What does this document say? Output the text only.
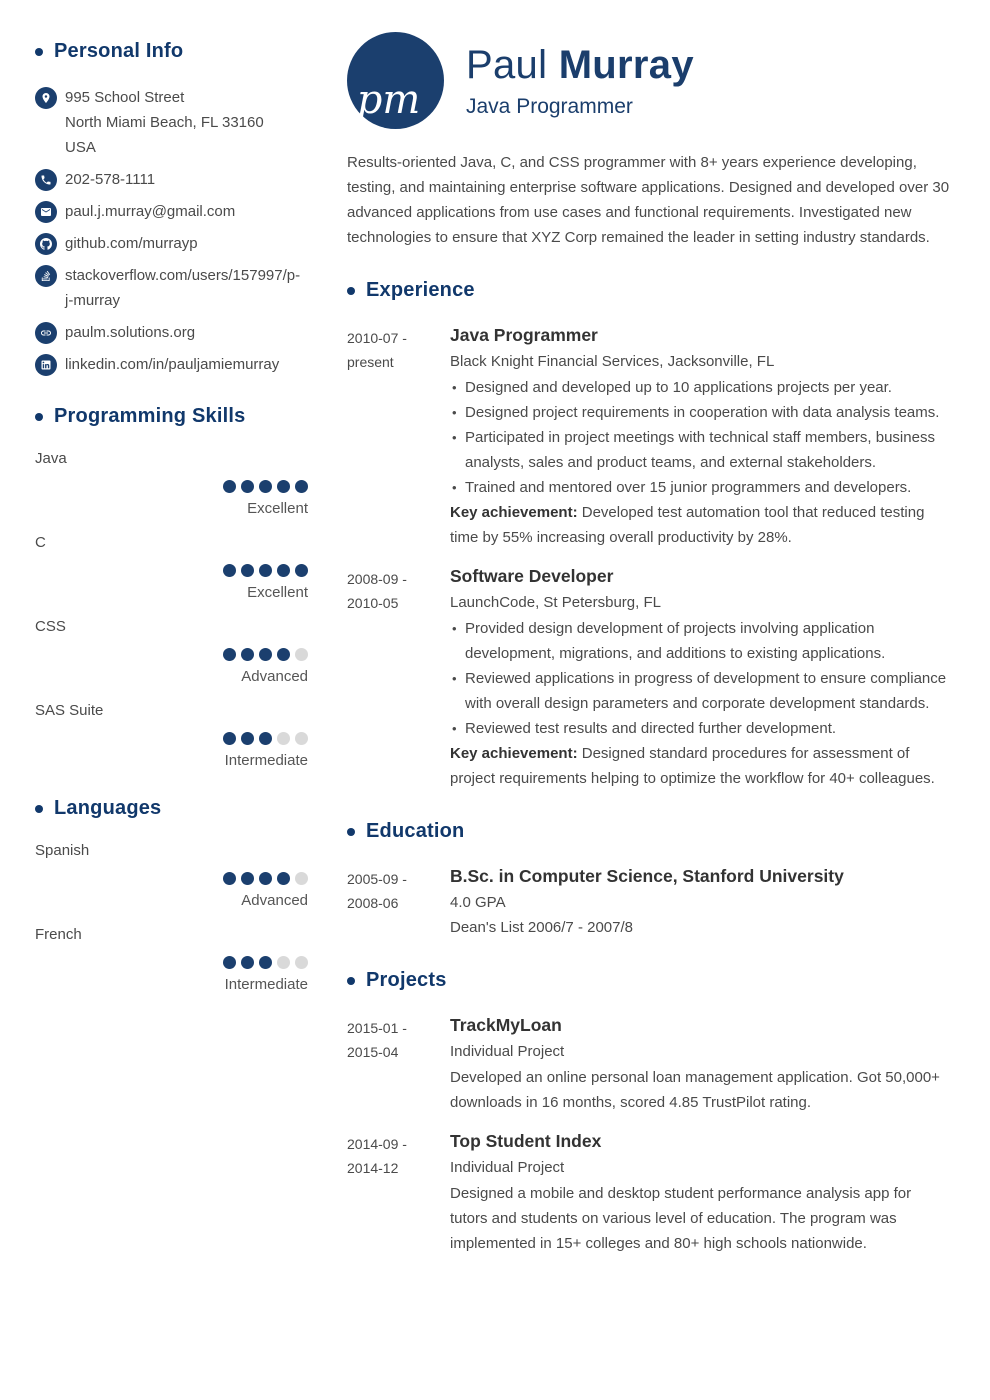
Personal Info
995 School Street
North Miami Beach, FL 33160
USA
202-578-1111
paul.j.murray@gmail.com
github.com/murrayp
stackoverflow.com/users/157997/p-j-murray
paulm.solutions.org
linkedin.com/in/pauljamiemurray
Programming Skills
Java
Excellent
C
Excellent
CSS
Advanced
SAS Suite
Intermediate
Languages
Spanish
Advanced
French
Intermediate
pm
Paul Murray
Java Programmer

Results-oriented Java, C, and CSS programmer with 8+ years experience developing, testing, and maintaining enterprise software applications. Designed and developed over 30 advanced applications from use cases and functional requirements. Investigated new technologies to ensure that XYZ Corp remained the leader in setting industry standards.

Experience
2010-07 -
present
Java Programmer
Black Knight Financial Services, Jacksonville, FL
• Designed and developed up to 10 applications projects per year.
• Designed project requirements in cooperation with data analysis teams.
• Participated in project meetings with technical staff members, business analysts, sales and product teams, and external stakeholders.
• Trained and mentored over 15 junior programmers and developers.
Key achievement: Developed test automation tool that reduced testing time by 55% increasing overall productivity by 28%.
2008-09 -
2010-05
Software Developer
LaunchCode, St Petersburg, FL
• Provided design development of projects involving application development, migrations, and additions to existing applications.
• Reviewed applications in progress of development to ensure compliance with overall design parameters and corporate development standards.
• Reviewed test results and directed further development.
Key achievement: Designed standard procedures for assessment of project requirements helping to optimize the workflow for 40+ colleagues.
Education
2005-09 -
2008-06
B.Sc. in Computer Science, Stanford University
4.0 GPA
Dean's List 2006/7 - 2007/8
Projects
2015-01 -
2015-04
TrackMyLoan
Individual Project
Developed an online personal loan management application. Got 50,000+ downloads in 16 months, scored 4.85 TrustPilot rating.
2014-09 -
2014-12
Top Student Index
Individual Project
Designed a mobile and desktop student performance analysis app for tutors and students on various level of education. The program was implemented in 15+ colleges and 80+ high schools nationwide.
